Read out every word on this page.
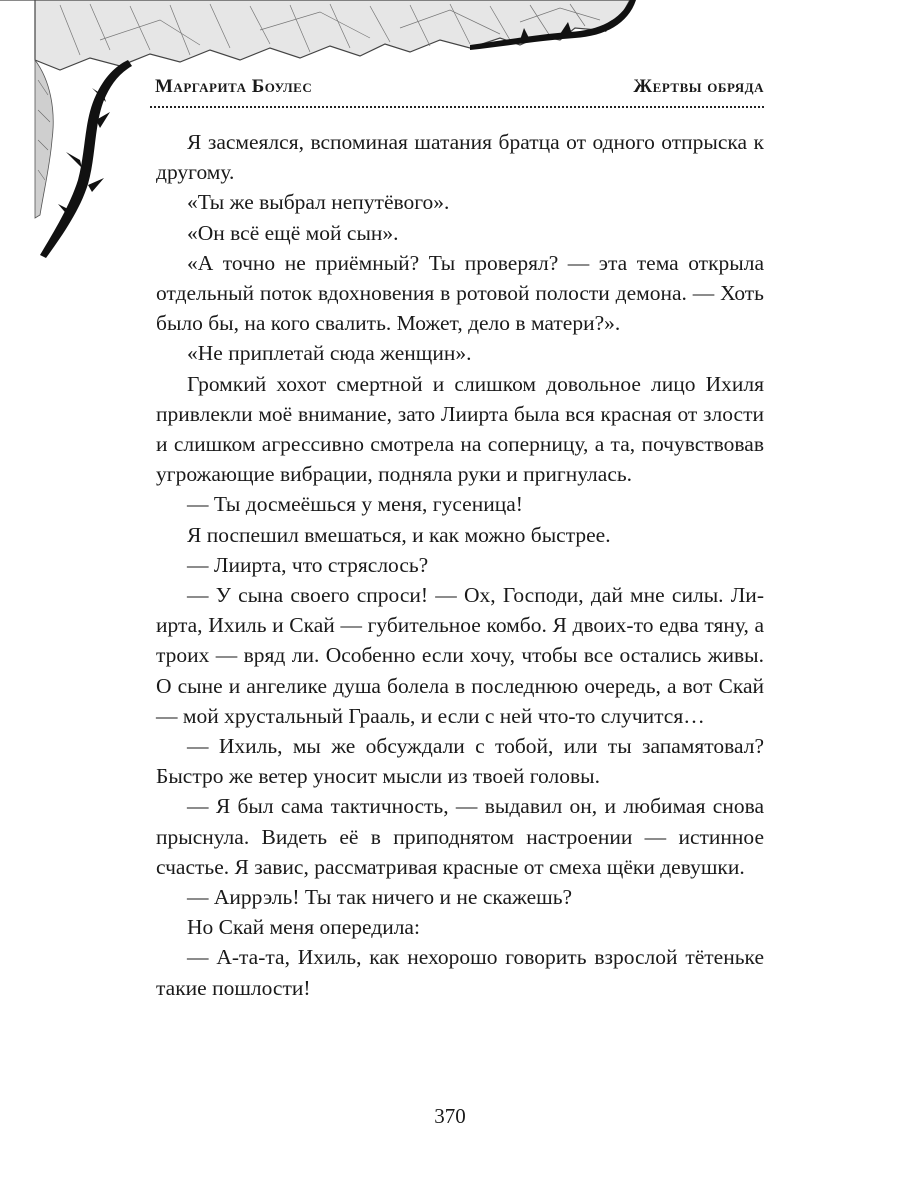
Маргарита Боулес	Жертвы обряда

Я засмеялся, вспоминая шатания братца от одного отпрыска к другому.

«Ты же выбрал непутёвого».

«Он всё ещё мой сын».

«А точно не приёмный? Ты проверял? — эта тема открыла отдельный поток вдохновения в ротовой полости демона. — Хоть было бы, на кого свалить. Может, дело в матери?».

«Не приплетай сюда женщин».

Громкий хохот смертной и слишком довольное лицо Ихиля привлекли моё внимание, зато Лиирта была вся красная от злости и слишком агрессивно смотрела на соперницу, а та, почувствовав угрожающие вибрации, подняла руки и пригнулась.

— Ты досмеёшься у меня, гусеница!

Я поспешил вмешаться, и как можно быстрее.

— Лиирта, что стряслось?

— У сына своего спроси! — Ох, Господи, дай мне силы. Лиирта, Ихиль и Скай — губительное комбо. Я двоих-то едва тяну, а троих — вряд ли. Особенно если хочу, чтобы все остались живы. О сыне и ангелике душа болела в последнюю очередь, а вот Скай — мой хрустальный Грааль, и если с ней что-то случится…

— Ихиль, мы же обсуждали с тобой, или ты запамятовал? Быстро же ветер уносит мысли из твоей головы.

— Я был сама тактичность, — выдавил он, и любимая снова прыснула. Видеть её в приподнятом настроении — истинное счастье. Я завис, рассматривая красные от смеха щёки девушки.

— Аиррэль! Ты так ничего и не скажешь?

Но Скай меня опередила:

— А-та-та, Ихиль, как нехорошо говорить взрослой тётеньке такие пошлости!

370
